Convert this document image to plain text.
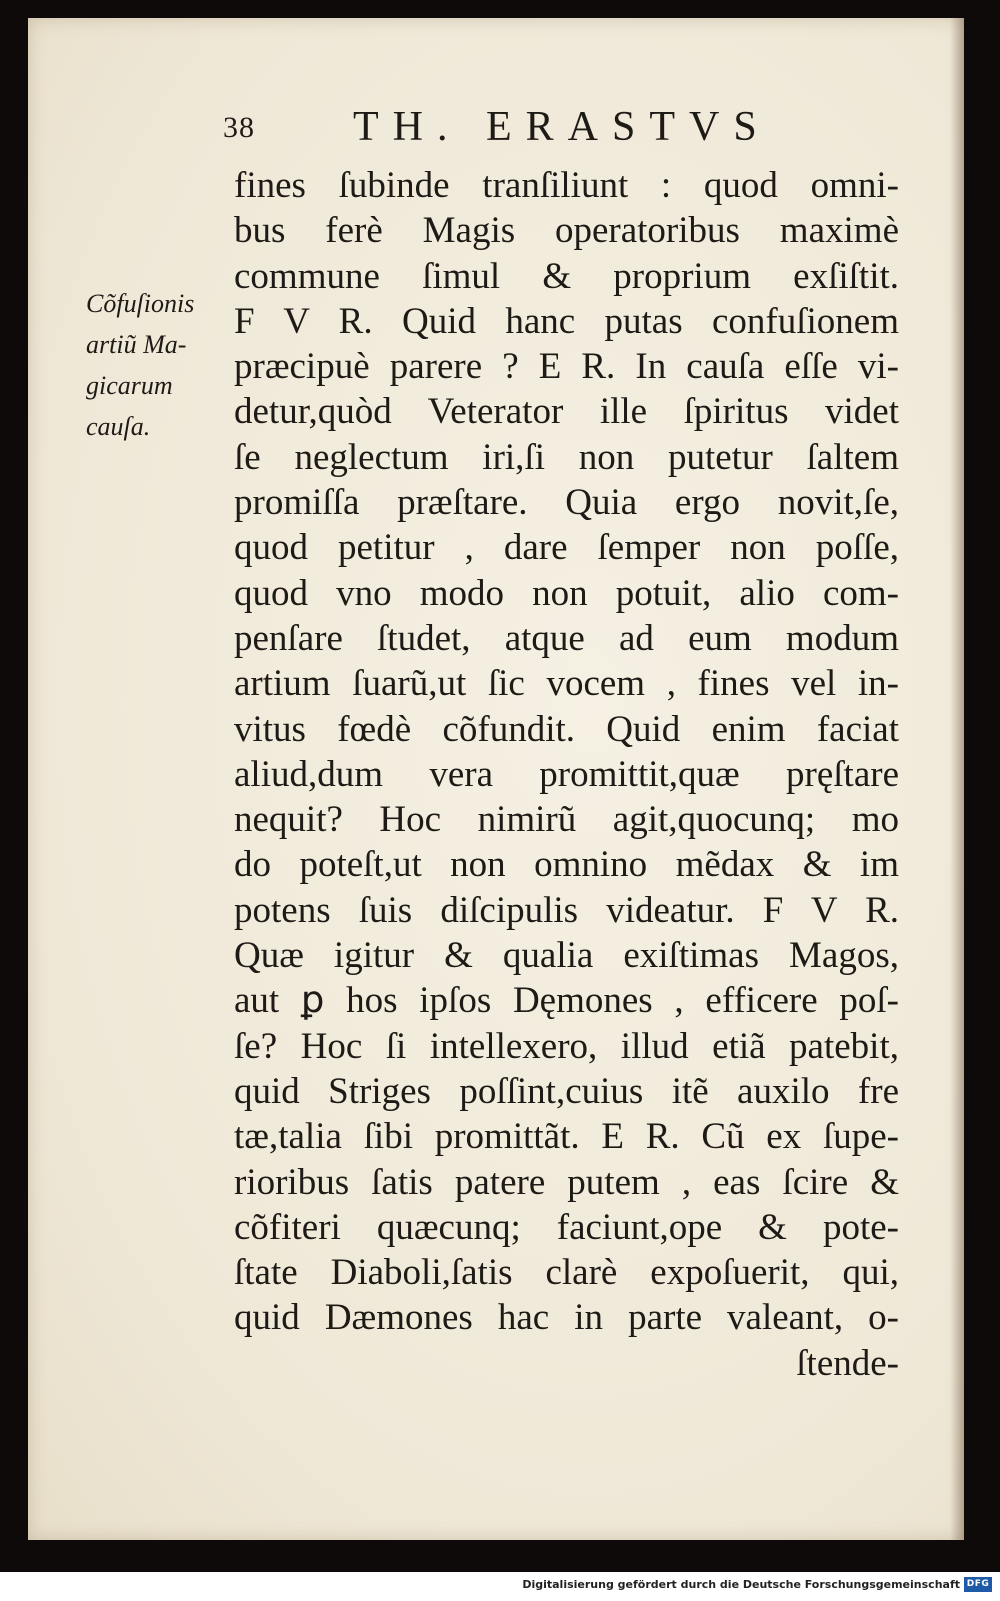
38 TH. ERASTVS
Cõfuſionis
artiũ Ma-
gicarum
cauſa.
fines ſubinde tranſiliunt : quod omni-
bus ferè Magis operatoribus maximè
commune ſimul & proprium exſiſtit.
F V R. Quid hanc putas confuſionem
præcipuè parere ? E R. In cauſa eſſe vi-
detur,quòd Veterator ille ſpiritus videt
ſe neglectum iri,ſi non putetur ſaltem
promiſſa præſtare. Quia ergo novit,ſe,
quod petitur , dare ſemper non poſſe,
quod vno modo non potuit, alio com-
penſare ſtudet, atque ad eum modum
artium ſuarũ,ut ſic vocem , fines vel in-
vitus fœdè cõfundit. Quid enim faciat
aliud,dum vera promittit,quæ pręſtare
nequit? Hoc nimirũ agit,quocunq; mo
do poteſt,ut non omnino mẽdax & im
potens ſuis diſcipulis videatur. F V R.
Quæ igitur & qualia exiſtimas Magos,
aut ꝑ hos ipſos Dęmones , efficere poſ-
ſe? Hoc ſi intellexero, illud etiã patebit,
quid Striges poſſint,cuius itẽ auxilo fre
tæ,talia ſibi promittãt. E R. Cũ ex ſupe-
rioribus ſatis patere putem , eas ſcire &
cõfiteri quæcunq; faciunt,ope & pote-
ſtate Diaboli,ſatis clarè expoſuerit, qui,
quid Dæmones hac in parte valeant, o-
ſtende-
Digitalisierung gefördert durch die Deutsche Forschungsgemeinschaft DFG
